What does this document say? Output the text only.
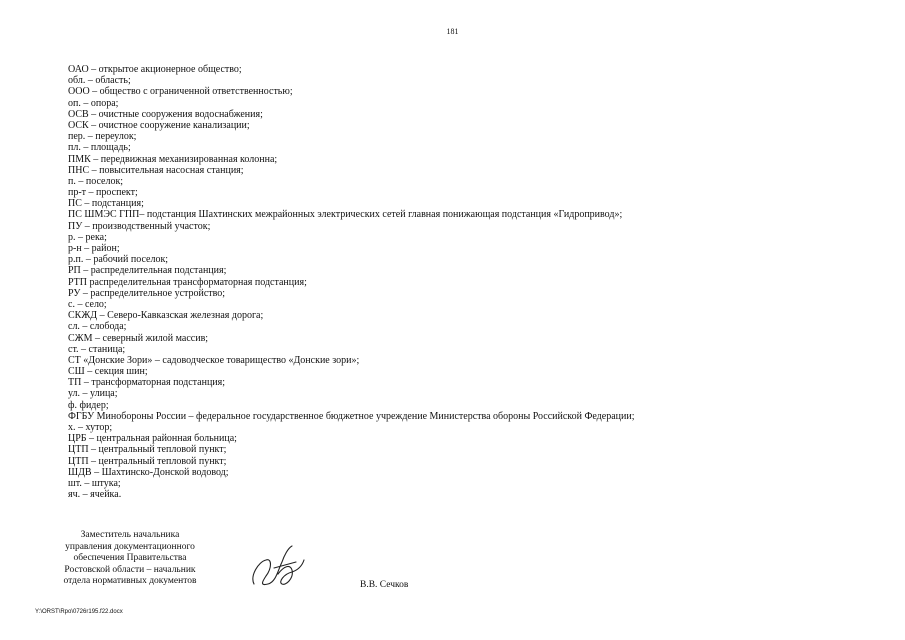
181
ОАО – открытое акционерное общество;
обл. – область;
ООО – общество с ограниченной ответственностью;
оп. – опора;
ОСВ – очистные сооружения водоснабжения;
ОСК – очистное сооружение канализации;
пер. – переулок;
пл. – площадь;
ПМК – передвижная механизированная колонна;
ПНС – повысительная насосная станция;
п. – поселок;
пр-т – проспект;
ПС – подстанция;
ПС ШМЭС ГПП– подстанция Шахтинских межрайонных электрических сетей главная понижающая подстанция «Гидропривод»;
ПУ – производственный участок;
р. – река;
р-н – район;
р.п. – рабочий поселок;
РП – распределительная подстанция;
РТП распределительная трансформаторная подстанция;
РУ – распределительное устройство;
с. – село;
СКЖД – Северо-Кавказская железная дорога;
сл. – слобода;
СЖМ – северный жилой массив;
ст. – станица;
СТ «Донские Зори» – садоводческое товарищество «Донские зори»;
СШ – секция шин;
ТП – трансформаторная подстанция;
ул. – улица;
ф. фидер;
ФГБУ Минобороны России – федеральное государственное бюджетное учреждение Министерства обороны Российской Федерации;
х. – хутор;
ЦРБ – центральная районная больница;
ЦТП – центральный тепловой пункт;
ЦТП – центральный тепловой пункт;
ШДВ – Шахтинско-Донской водовод;
шт. – штука;
яч. – ячейка.
Заместитель начальника
управления документационного
обеспечения Правительства
Ростовской области – начальник
отдела нормативных документов	В.В. Сечков
Y:\ORST\Rpo\0726r195.f22.docx
